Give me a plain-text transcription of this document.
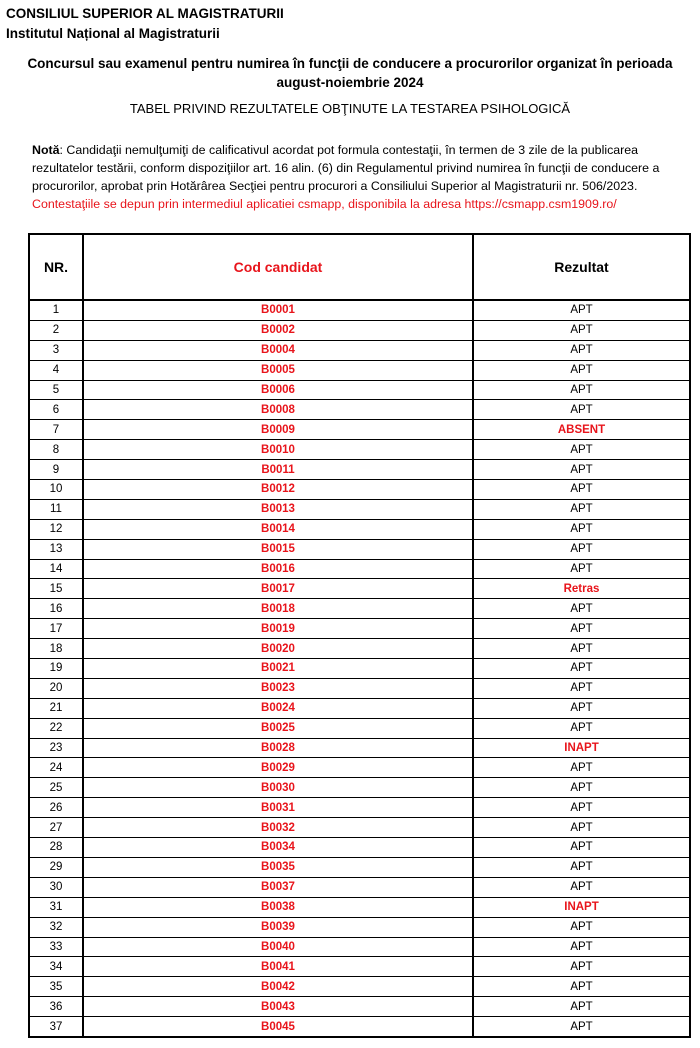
CONSILIUL SUPERIOR AL MAGISTRATURII
Institutul Național al Magistraturii
Concursul sau examenul pentru numirea în funcţii de conducere a procurorilor organizat în perioada august-noiembrie 2024
TABEL PRIVIND REZULTATELE OBŢINUTE LA TESTAREA PSIHOLOGICĂ
Notă: Candidaţii nemulţumiţi de calificativul acordat pot formula contestaţii, în termen de 3 zile de la publicarea rezultatelor testării, conform dispoziţiilor art. 16 alin. (6) din Regulamentul privind numirea în funcţii de conducere a procurorilor, aprobat prin Hotărârea Secţiei pentru procurori a Consiliului Superior al Magistraturii nr. 506/2023.
Contestaţiile se depun prin intermediul aplicatiei csmapp, disponibila la adresa https://csmapp.csm1909.ro/
NR.	Cod candidat	Rezultat
1	B0001	APT
2	B0002	APT
3	B0004	APT
4	B0005	APT
5	B0006	APT
6	B0008	APT
7	B0009	ABSENT
8	B0010	APT
9	B0011	APT
10	B0012	APT
11	B0013	APT
12	B0014	APT
13	B0015	APT
14	B0016	APT
15	B0017	Retras
16	B0018	APT
17	B0019	APT
18	B0020	APT
19	B0021	APT
20	B0023	APT
21	B0024	APT
22	B0025	APT
23	B0028	INAPT
24	B0029	APT
25	B0030	APT
26	B0031	APT
27	B0032	APT
28	B0034	APT
29	B0035	APT
30	B0037	APT
31	B0038	INAPT
32	B0039	APT
33	B0040	APT
34	B0041	APT
35	B0042	APT
36	B0043	APT
37	B0045	APT
